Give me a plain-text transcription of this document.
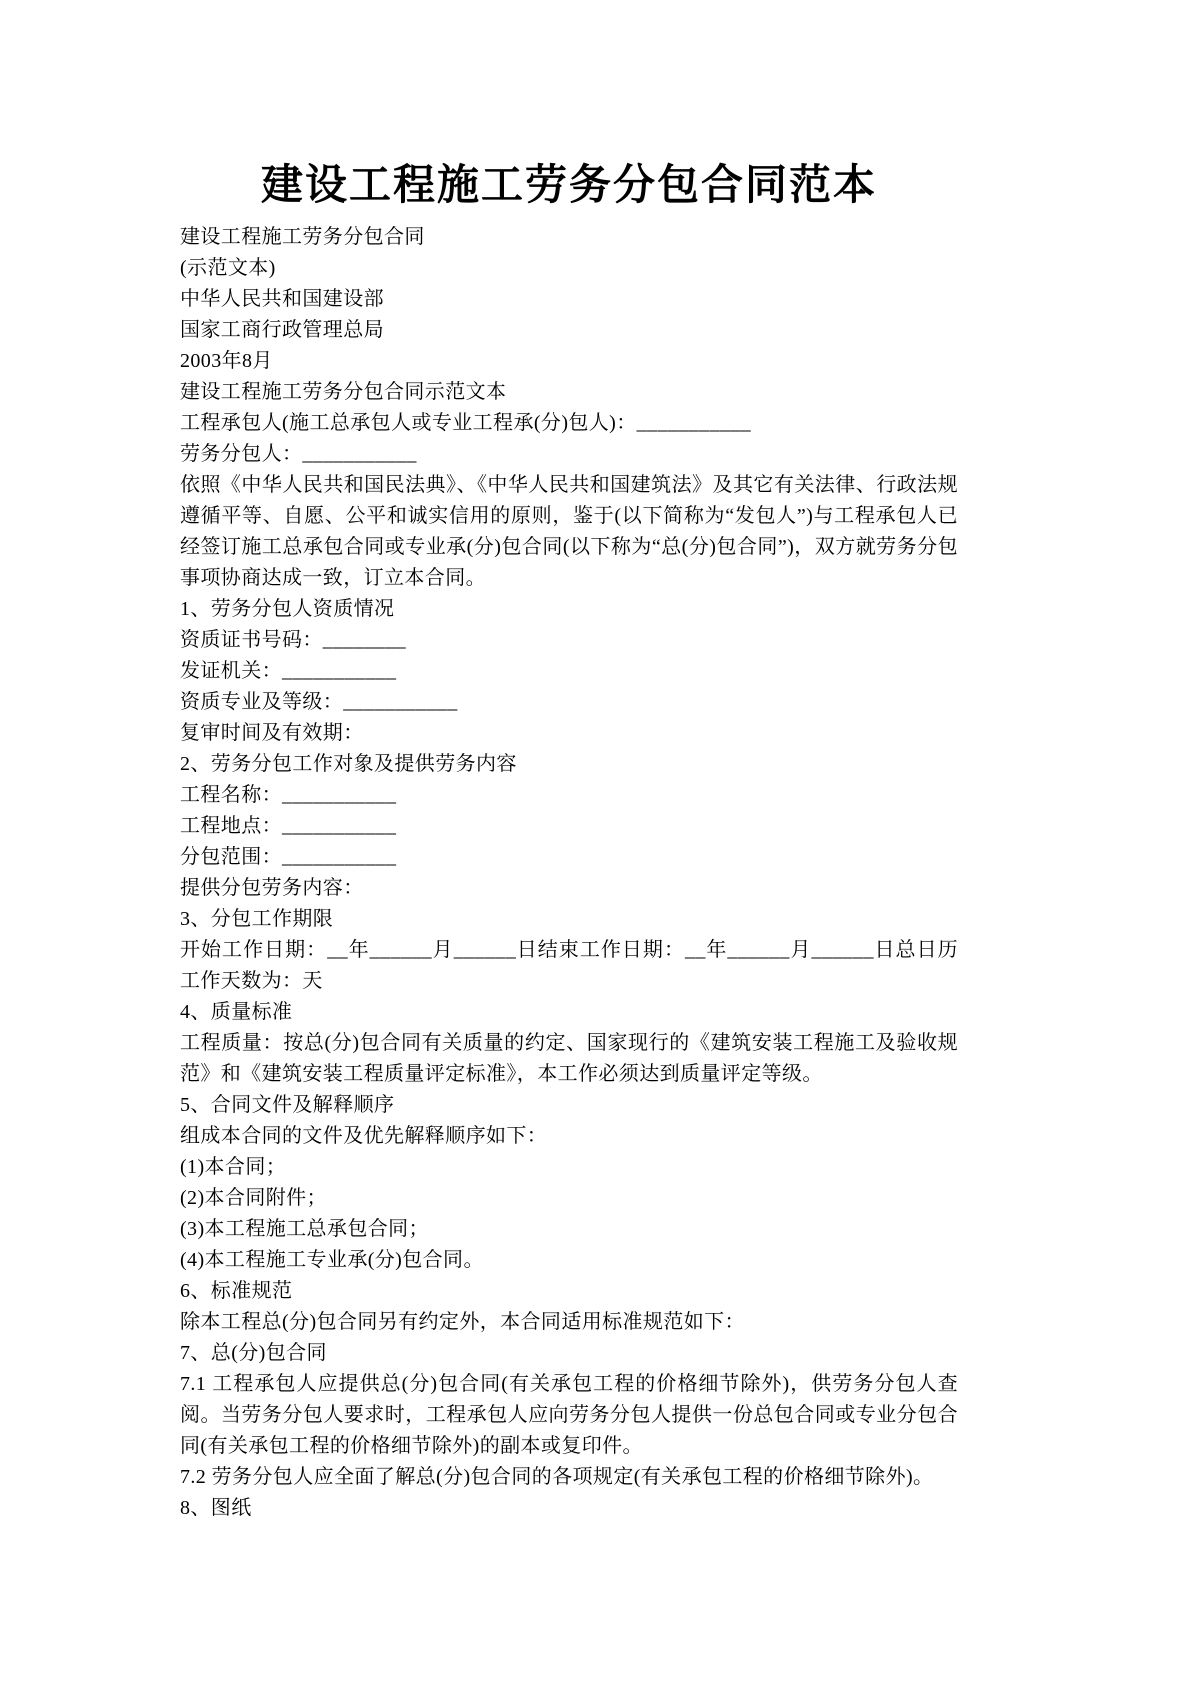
建设工程施工劳务分包合同范本
建设工程施工劳务分包合同
(示范文本)
中华人民共和国建设部
国家工商行政管理总局
2003年8月
建设工程施工劳务分包合同示范文本
工程承包人(施工总承包人或专业工程承(分)包人)：___________
劳务分包人：___________
依照《中华人民共和国民法典》、《中华人民共和国建筑法》及其它有关法律、行政法规遵循平等、自愿、公平和诚实信用的原则，鉴于(以下简称为“发包人”)与工程承包人已经签订施工总承包合同或专业承(分)包合同(以下称为“总(分)包合同”)，双方就劳务分包事项协商达成一致，订立本合同。
1、劳务分包人资质情况
资质证书号码：________
发证机关：___________
资质专业及等级：___________
复审时间及有效期：
2、劳务分包工作对象及提供劳务内容
工程名称：___________
工程地点：___________
分包范围：___________
提供分包劳务内容：
3、分包工作期限
开始工作日期：__年______月______日结束工作日期：__年______月______日总日历工作天数为：天
4、质量标准
工程质量：按总(分)包合同有关质量的约定、国家现行的《建筑安装工程施工及验收规范》和《建筑安装工程质量评定标准》，本工作必须达到质量评定等级。
5、合同文件及解释顺序
组成本合同的文件及优先解释顺序如下：
(1)本合同；
(2)本合同附件；
(3)本工程施工总承包合同；
(4)本工程施工专业承(分)包合同。
6、标准规范
除本工程总(分)包合同另有约定外，本合同适用标准规范如下：
7、总(分)包合同
7.1 工程承包人应提供总(分)包合同(有关承包工程的价格细节除外)，供劳务分包人查阅。当劳务分包人要求时，工程承包人应向劳务分包人提供一份总包合同或专业分包合同(有关承包工程的价格细节除外)的副本或复印件。
7.2 劳务分包人应全面了解总(分)包合同的各项规定(有关承包工程的价格细节除外)。
8、图纸
